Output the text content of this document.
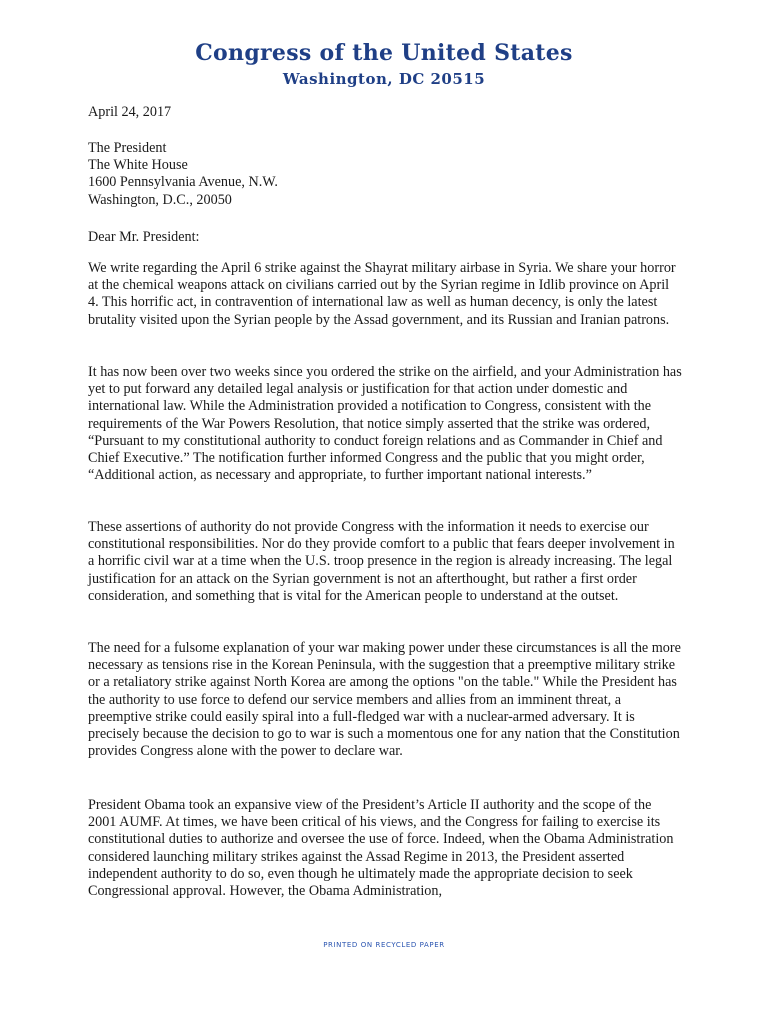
Congress of the United States
Washington, DC 20515
April 24, 2017
The President
The White House
1600 Pennsylvania Avenue, N.W.
Washington, D.C., 20050
Dear Mr. President:

We write regarding the April 6 strike against the Shayrat military airbase in Syria. We share your horror at the chemical weapons attack on civilians carried out by the Syrian regime in Idlib province on April 4. This horrific act, in contravention of international law as well as human decency, is only the latest brutality visited upon the Syrian people by the Assad government, and its Russian and Iranian patrons.

It has now been over two weeks since you ordered the strike on the airfield, and your Administration has yet to put forward any detailed legal analysis or justification for that action under domestic and international law. While the Administration provided a notification to Congress, consistent with the requirements of the War Powers Resolution, that notice simply asserted that the strike was ordered, “Pursuant to my constitutional authority to conduct foreign relations and as Commander in Chief and Chief Executive.” The notification further informed Congress and the public that you might order, “Additional action, as necessary and appropriate, to further important national interests.”

These assertions of authority do not provide Congress with the information it needs to exercise our constitutional responsibilities. Nor do they provide comfort to a public that fears deeper involvement in a horrific civil war at a time when the U.S. troop presence in the region is already increasing. The legal justification for an attack on the Syrian government is not an afterthought, but rather a first order consideration, and something that is vital for the American people to understand at the outset.

The need for a fulsome explanation of your war making power under these circumstances is all the more necessary as tensions rise in the Korean Peninsula, with the suggestion that a preemptive military strike or a retaliatory strike against North Korea are among the options "on the table." While the President has the authority to use force to defend our service members and allies from an imminent threat, a preemptive strike could easily spiral into a full-fledged war with a nuclear-armed adversary. It is precisely because the decision to go to war is such a momentous one for any nation that the Constitution provides Congress alone with the power to declare war.

President Obama took an expansive view of the President’s Article II authority and the scope of the 2001 AUMF. At times, we have been critical of his views, and the Congress for failing to exercise its constitutional duties to authorize and oversee the use of force. Indeed, when the Obama Administration considered launching military strikes against the Assad Regime in 2013, the President asserted independent authority to do so, even though he ultimately made the appropriate decision to seek Congressional approval. However, the Obama Administration,

PRINTED ON RECYCLED PAPER
